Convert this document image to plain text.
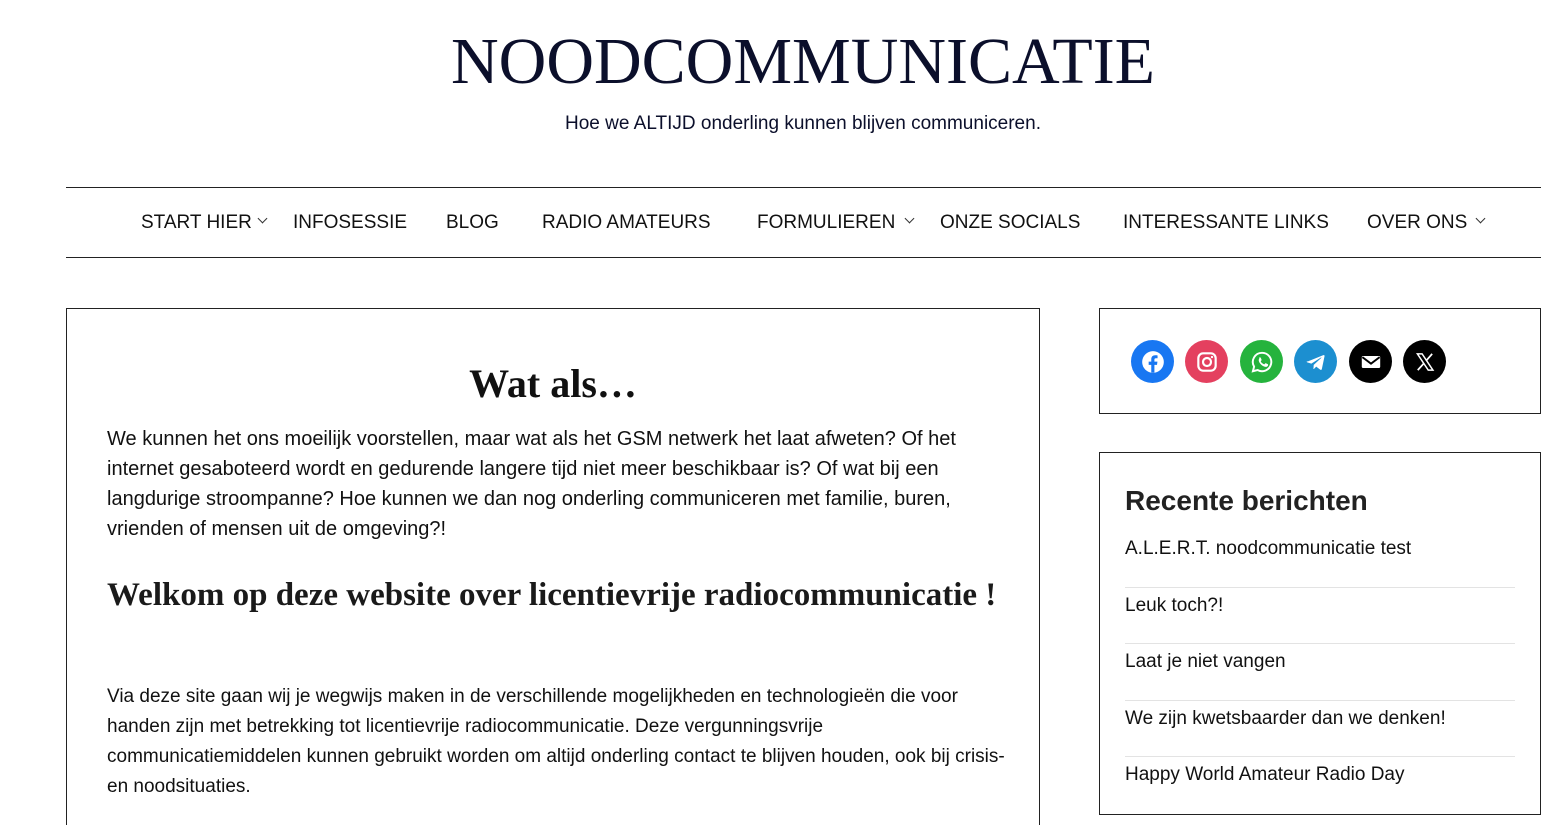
NOODCOMMUNICATIE
Hoe we ALTIJD onderling kunnen blijven communiceren.
START HIER INFOSESSIE BLOG RADIO AMATEURS FORMULIEREN ONZE SOCIALS INTERESSANTE LINKS OVER ONS
Wat als…

We kunnen het ons moeilijk voorstellen, maar wat als het GSM netwerk het laat afweten? Of het internet gesaboteerd wordt en gedurende langere tijd niet meer beschikbaar is? Of wat bij een langdurige stroompanne? Hoe kunnen we dan nog onderling communiceren met familie, buren, vrienden of mensen uit de omgeving?!

Welkom op deze website over licentievrije radiocommunicatie !

Via deze site gaan wij je wegwijs maken in de verschillende mogelijkheden en technologieën die voor handen zijn met betrekking tot licentievrije radiocommunicatie. Deze vergunningsvrije communicatiemiddelen kunnen gebruikt worden om altijd onderling contact te blijven houden, ook bij crisis- en noodsituaties.

Recente berichten
A.L.E.R.T. noodcommunicatie test
Leuk toch?!
Laat je niet vangen
We zijn kwetsbaarder dan we denken!
Happy World Amateur Radio Day
